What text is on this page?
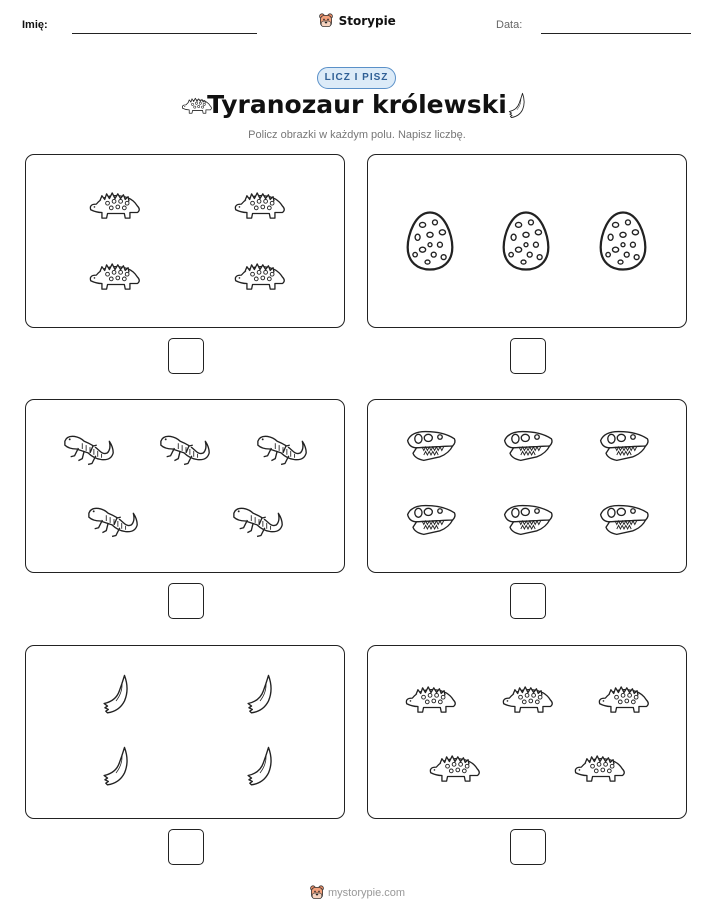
Imię:	Storypie	Data:
LICZ I PISZ
Tyranozaur królewski
Policz obrazki w każdym polu. Napisz liczbę.
mystorypie.com
